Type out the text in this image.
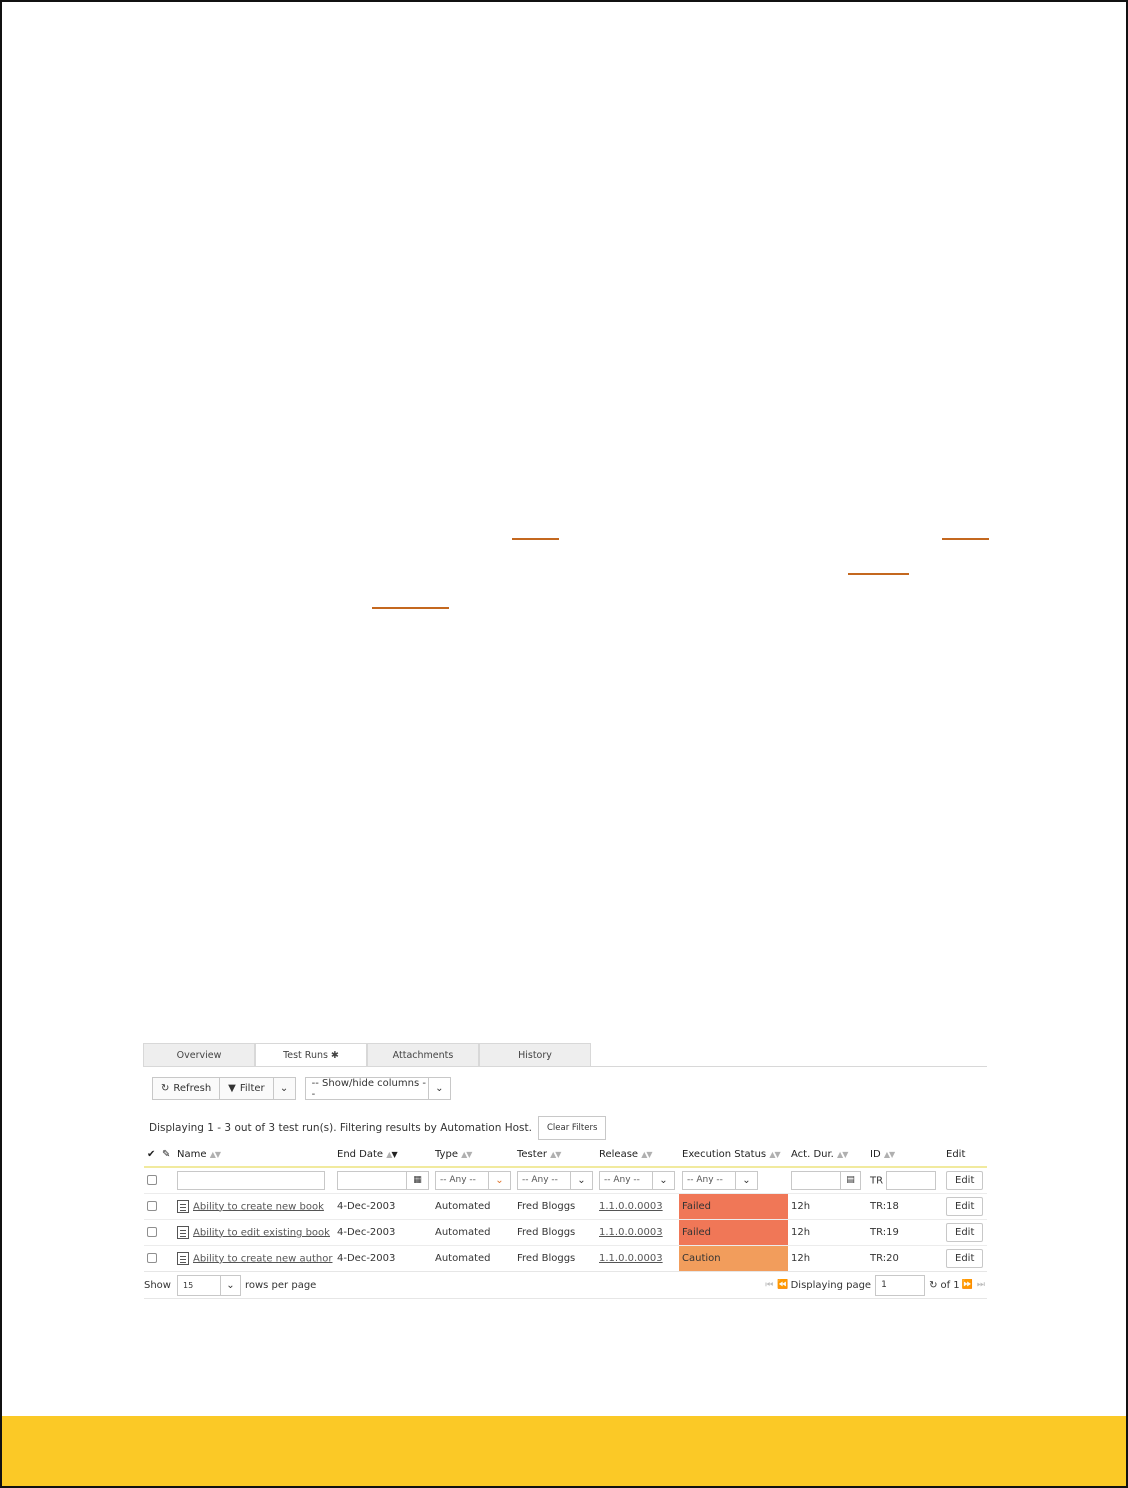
Overview	Test Runs ✱	Attachments	History
↻ Refresh ▼ Filter ⌄	-- Show/hide columns --	⌄
Displaying 1 - 3 out of 3 test run(s). Filtering results by Automation Host.	Clear Filters
✔	✎	Name ▲▼	End Date ▲▼	Type ▲▼	Tester ▲▼	Release ▲▼	Execution Status ▲▼	Act. Dur. ▲▼	ID ▲▼	Edit
			▦	-- Any -- ⌄	-- Any -- ⌄	-- Any -- ⌄	-- Any -- ⌄	▤	TR	Edit
		Ability to create new book	4-Dec-2003	Automated	Fred Bloggs	1.1.0.0.0003	Failed	12h	TR:18	Edit
		Ability to edit existing book	4-Dec-2003	Automated	Fred Bloggs	1.1.0.0.0003	Failed	12h	TR:19	Edit
		Ability to create new author	4-Dec-2003	Automated	Fred Bloggs	1.1.0.0.0003	Caution	12h	TR:20	Edit
Show	15	⌄	rows per page	⏮ ⏪ Displaying page	1	↻ of 1 ⏩ ⏭
